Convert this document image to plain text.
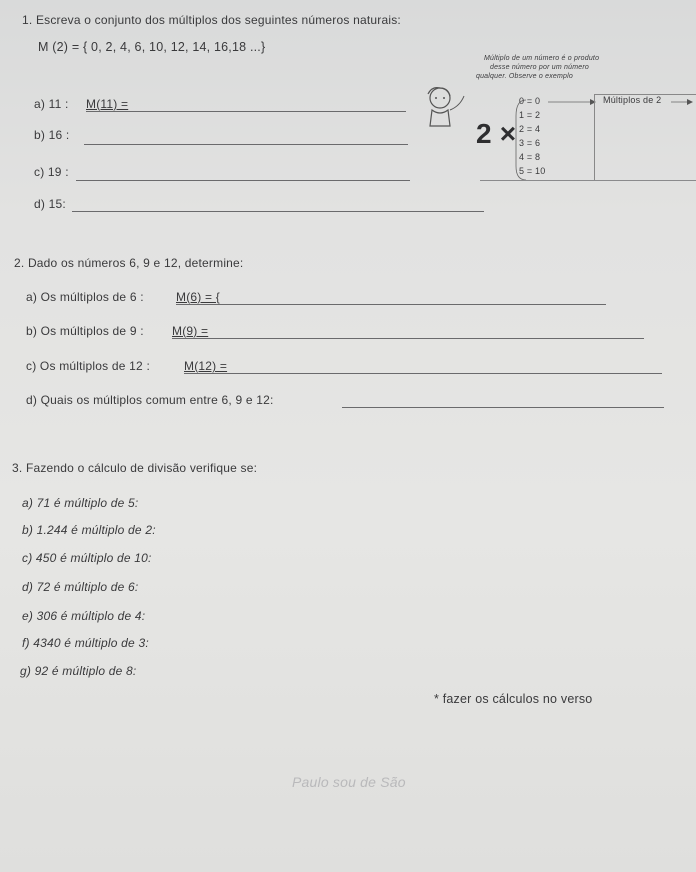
1. Escreva o conjunto dos múltiplos dos seguintes números naturais:
M (2) = { 0, 2, 4, 6, 10, 12, 14, 16,18 ...}
a) 11 : M(11) =
b) 16 :
c) 19 :
d) 15:
Múltiplo de um número é o produto
desse número por um número
qualquer. Observe o exemplo
2 ×
0 = 0
1 = 2
2 = 4
3 = 6
4 = 8
5 = 10
Múltiplos de 2
2. Dado os números 6, 9 e 12, determine:
a) Os múltiplos de 6 :	M(6) = {
b) Os múltiplos de 9 : M(9) =
c) Os múltiplos de 12 :	M(12) =
d) Quais os múltiplos comum entre 6, 9 e 12:
3. Fazendo o cálculo de divisão verifique se:
a) 71 é múltiplo de 5:
b) 1.244 é múltiplo de 2:
c) 450 é múltiplo de 10:
d) 72 é múltiplo de 6:
e) 306 é múltiplo de 4:
f) 4340 é múltiplo de 3:
g) 92 é múltiplo de 8:
* fazer os cálculos no verso
Paulo sou de São
